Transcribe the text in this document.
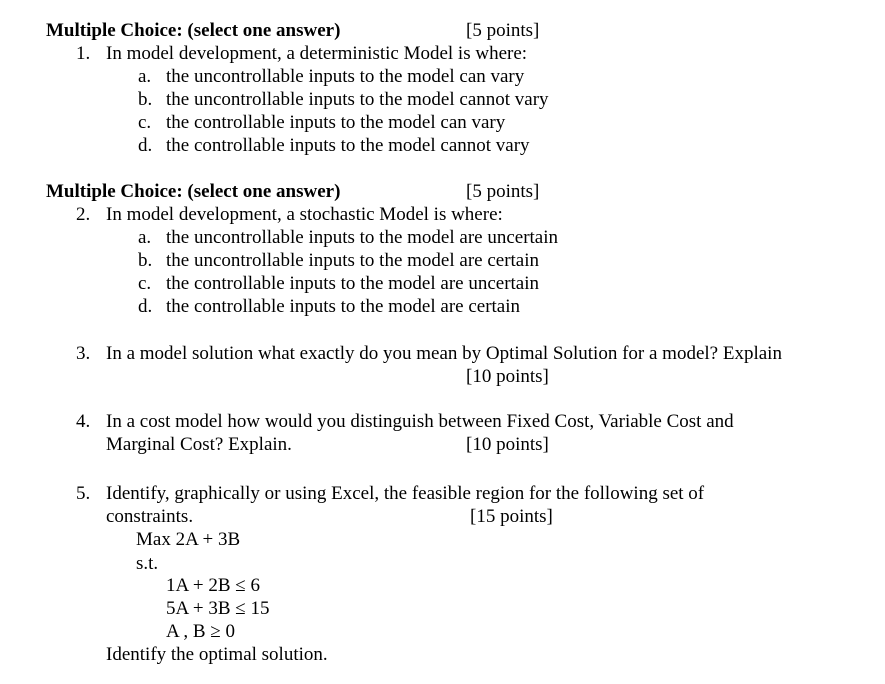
Multiple Choice: (select one answer)	[5 points]
1. In model development, a deterministic Model is where:
a. the uncontrollable inputs to the model can vary
b. the uncontrollable inputs to the model cannot vary
c. the controllable inputs to the model can vary
d. the controllable inputs to the model cannot vary
Multiple Choice: (select one answer)	[5 points]
2. In model development, a stochastic Model is where:
a. the uncontrollable inputs to the model are uncertain
b. the uncontrollable inputs to the model are certain
c. the controllable inputs to the model are uncertain
d. the controllable inputs to the model are certain
3. In a model solution what exactly do you mean by Optimal Solution for a model? Explain
[10 points]
4. In a cost model how would you distinguish between Fixed Cost, Variable Cost and
Marginal Cost? Explain.	[10 points]
5. Identify, graphically or using Excel, the feasible region for the following set of
constraints.	[15 points]
Max 2A + 3B
s.t.
1A + 2B ≤ 6
5A + 3B ≤ 15
A , B ≥ 0
Identify the optimal solution.
